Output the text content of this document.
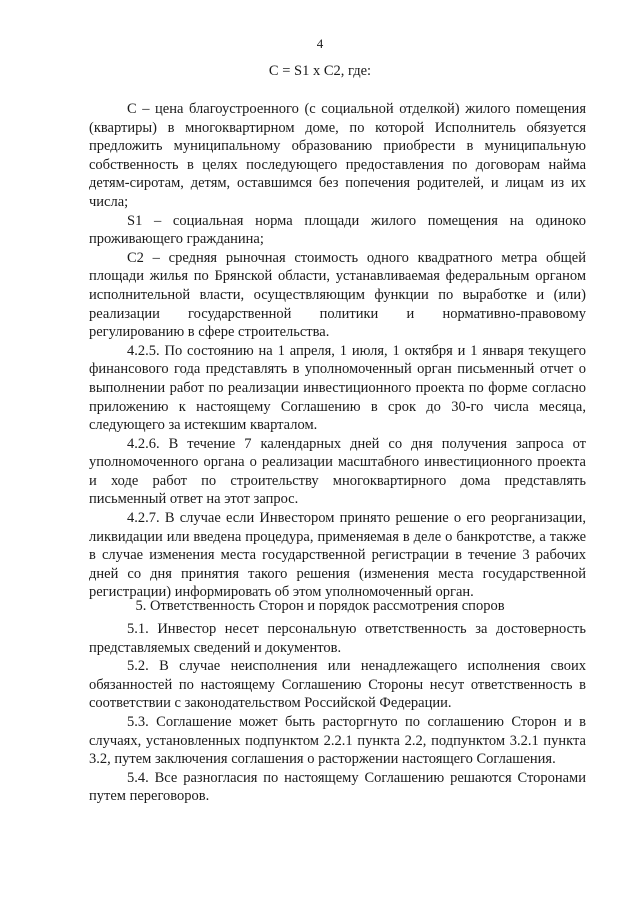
4
С = S1 х С2, где:

С – цена благоустроенного (с социальной отделкой) жилого помещения (квартиры) в многоквартирном доме, по которой Исполнитель обязуется предложить муниципальному образованию приобрести в муниципальную собственность в целях последующего предоставления по договорам найма детям-сиротам, детям, оставшимся без попечения родителей, и лицам из их числа;

S1 – социальная норма площади жилого помещения на одиноко проживающего гражданина;

С2 – средняя рыночная стоимость одного квадратного метра общей площади жилья по Брянской области, устанавливаемая федеральным органом исполнительной власти, осуществляющим функции по выработке и (или) реализации государственной политики и нормативно-правовому регулированию в сфере строительства.

4.2.5. По состоянию на 1 апреля, 1 июля, 1 октября и 1 января текущего финансового года представлять в уполномоченный орган письменный отчет о выполнении работ по реализации инвестиционного проекта по форме согласно приложению к настоящему Соглашению в срок до 30-го числа месяца, следующего за истекшим кварталом.

4.2.6. В течение 7 календарных дней со дня получения запроса от уполномоченного органа о реализации масштабного инвестиционного проекта и ходе работ по строительству многоквартирного дома представлять письменный ответ на этот запрос.

4.2.7. В случае если Инвестором принято решение о его реорганизации, ликвидации или введена процедура, применяемая в деле о банкротстве, а также в случае изменения места государственной регистрации в течение 3 рабочих дней со дня принятия такого решения (изменения места государственной регистрации) информировать об этом уполномоченный орган.

5. Ответственность Сторон и порядок рассмотрения споров

5.1. Инвестор несет персональную ответственность за достоверность представляемых сведений и документов.

5.2. В случае неисполнения или ненадлежащего исполнения своих обязанностей по настоящему Соглашению Стороны несут ответственность в соответствии с законодательством Российской Федерации.

5.3. Соглашение может быть расторгнуто по соглашению Сторон и в случаях, установленных подпунктом 2.2.1 пункта 2.2, подпунктом 3.2.1 пункта 3.2, путем заключения соглашения о расторжении настоящего Соглашения.

5.4. Все разногласия по настоящему Соглашению решаются Сторонами путем переговоров.
